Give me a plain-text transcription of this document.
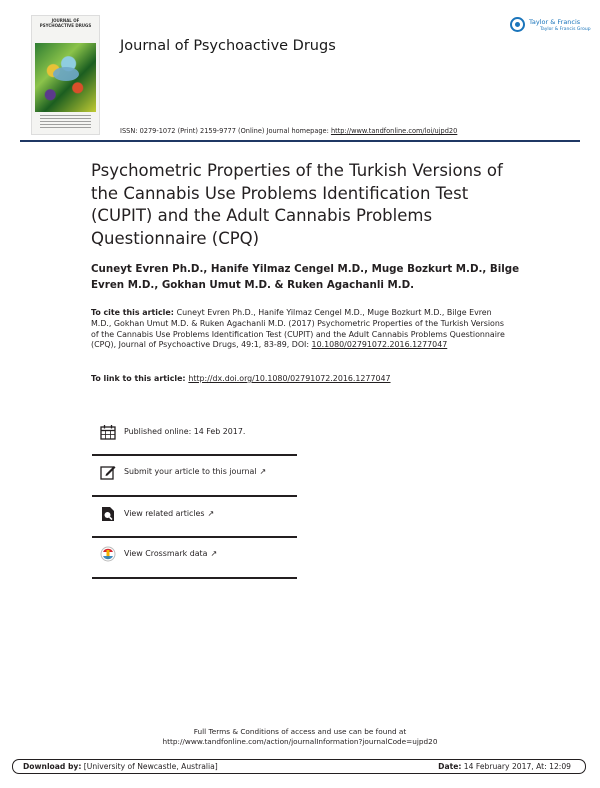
JOURNAL OF
PSYCHOACTIVE DRUGS
Journal of Psychoactive Drugs
Taylor & Francis
Taylor & Francis Group
ISSN: 0279-1072 (Print) 2159-9777 (Online) Journal homepage: http://www.tandfonline.com/loi/ujpd20
Psychometric Properties of the Turkish Versions of the Cannabis Use Problems Identification Test (CUPIT) and the Adult Cannabis Problems Questionnaire (CPQ)
Cuneyt Evren Ph.D., Hanife Yilmaz Cengel M.D., Muge Bozkurt M.D., Bilge Evren M.D., Gokhan Umut M.D. & Ruken Agachanli M.D.
To cite this article: Cuneyt Evren Ph.D., Hanife Yilmaz Cengel M.D., Muge Bozkurt M.D., Bilge Evren M.D., Gokhan Umut M.D. & Ruken Agachanli M.D. (2017) Psychometric Properties of the Turkish Versions of the Cannabis Use Problems Identification Test (CUPIT) and the Adult Cannabis Problems Questionnaire (CPQ), Journal of Psychoactive Drugs, 49:1, 83-89, DOI: 10.1080/02791072.2016.1277047
To link to this article: http://dx.doi.org/10.1080/02791072.2016.1277047
Published online: 14 Feb 2017.
Submit your article to this journal ↗
View related articles ↗
View Crossmark data ↗
Full Terms & Conditions of access and use can be found at
http://www.tandfonline.com/action/journalInformation?journalCode=ujpd20
Download by: [University of Newcastle, Australia]	Date: 14 February 2017, At: 12:09
